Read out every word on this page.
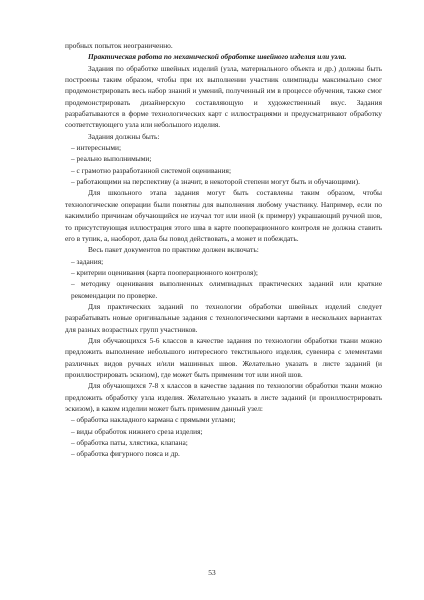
пробных попыток неограниченно.

Практическая работа по механической обработке швейного изделия или узла.

Задания по обработке швейных изделий (узла, материального объекта и др.) должны быть построены таким образом, чтобы при их выполнении участник олимпиады максимально смог продемонстрировать весь набор знаний и умений, полученный им в процессе обучения, также смог продемонстрировать дизайнерскую составляющую и художественный вкус. Задания разрабатываются в форме технологических карт с иллюстрациями и предусматривают обработку соответствующего узла или небольшого изделия.

Задания должны быть:

– интересными;

– реально выполнимыми;

– с грамотно разработанной системой оценивания;

– работающими на перспективу (а значит, в некоторой степени могут быть и обучающими).

Для школьного этапа задания могут быть составлены таким образом, чтобы технологические операции были понятны для выполнения любому участнику. Например, если по какимлибо причинам обучающийся не изучал тот или иной (к примеру) украшающий ручной шов, то присутствующая иллюстрация этого шва в карте пооперационного контроля не должна ставить его в тупик, а, наоборот, дала бы повод действовать, а может и побеждать.

Весь пакет документов по практике должен включать:

– задания;

– критерии оценивания (карта пооперационного контроля);

– методику оценивания выполненных олимпиадных практических заданий или краткие рекомендации по проверке.

Для практических заданий по технологии обработки швейных изделий следует разрабатывать новые оригинальные задания с технологическими картами в нескольких вариантах для разных возрастных групп участников.

Для обучающихся 5-6 классов в качестве задания по технологии обработки ткани можно предложить выполнение небольшого интересного текстильного изделия, сувенира с элементами различных видов ручных и/или машинных швов. Желательно указать в листе заданий (и проиллюстрировать эскизом), где может быть применим тот или иной шов.

Для обучающихся 7-8 х классов в качестве задания по технологии обработки ткани можно предложить обработку узла изделия. Желательно указать в листе заданий (и проиллюстрировать эскизом), в каком изделии может быть применим данный узел:

– обработка накладного кармана с прямыми углами;

– виды обработок нижнего среза изделия;

– обработка паты, хлястика, клапана;

– обработка фигурного пояса и др.

53
